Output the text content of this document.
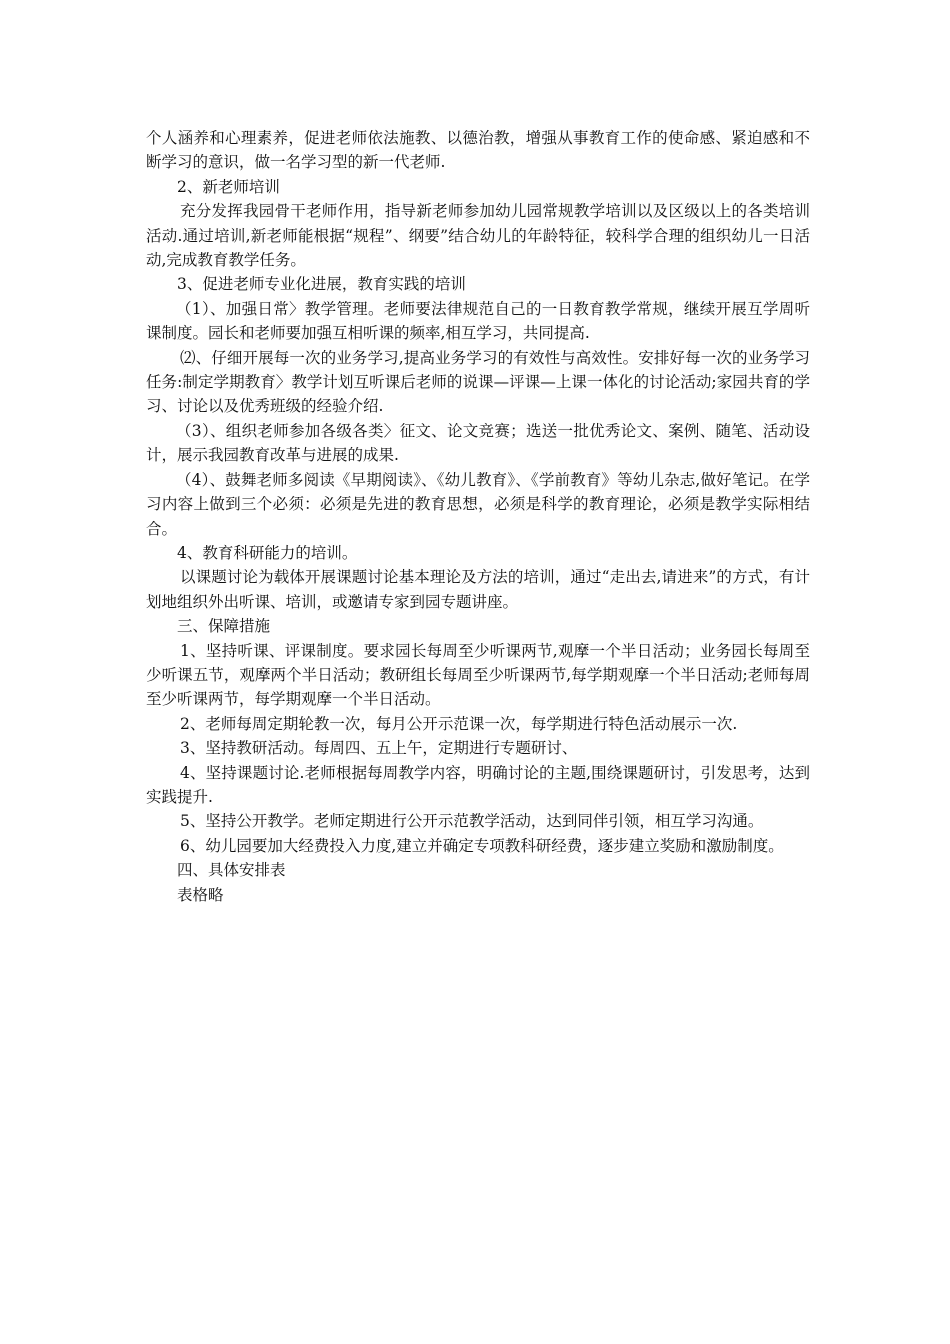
个人涵养和心理素养，促进老师依法施教、以德治教，增强从事教育工作的使命感、紧迫感和不断学习的意识，做一名学习型的新一代老师.

2、新老师培训

充分发挥我园骨干老师作用，指导新老师参加幼儿园常规教学培训以及区级以上的各类培训活动.通过培训,新老师能根据“规程”、纲要”结合幼儿的年龄特征，较科学合理的组织幼儿一日活动,完成教育教学任务。

3、促进老师专业化进展，教育实践的培训

（1）、加强日常〉教学管理。老师要法律规范自己的一日教育教学常规，继续开展互学周听课制度。园长和老师要加强互相听课的频率,相互学习，共同提高.

⑵、仔细开展每一次的业务学习,提高业务学习的有效性与高效性。安排好每一次的业务学习任务:制定学期教育〉教学计划互听课后老师的说课—评课—上课一体化的讨论活动;家园共育的学习、讨论以及优秀班级的经验介绍.

（3）、组织老师参加各级各类〉征文、论文竞赛；选送一批优秀论文、案例、随笔、活动设计，展示我园教育改革与进展的成果.

（4）、鼓舞老师多阅读《早期阅读》、《幼儿教育》、《学前教育》等幼儿杂志,做好笔记。在学习内容上做到三个必须：必须是先进的教育思想，必须是科学的教育理论，必须是教学实际相结合。

4、教育科研能力的培训。

以课题讨论为载体开展课题讨论基本理论及方法的培训，通过“走出去,请进来”的方式，有计划地组织外出听课、培训，或邀请专家到园专题讲座。

三、保障措施

1、坚持听课、评课制度。要求园长每周至少听课两节,观摩一个半日活动；业务园长每周至少听课五节，观摩两个半日活动；教研组长每周至少听课两节,每学期观摩一个半日活动;老师每周至少听课两节，每学期观摩一个半日活动。

2、老师每周定期轮教一次，每月公开示范课一次，每学期进行特色活动展示一次.

3、坚持教研活动。每周四、五上午，定期进行专题研讨、

4、坚持课题讨论.老师根据每周教学内容，明确讨论的主题,围绕课题研讨，引发思考，达到实践提升.

5、坚持公开教学。老师定期进行公开示范教学活动，达到同伴引领，相互学习沟通。

6、幼儿园要加大经费投入力度,建立并确定专项教科研经费，逐步建立奖励和激励制度。

四、具体安排表

表格略
